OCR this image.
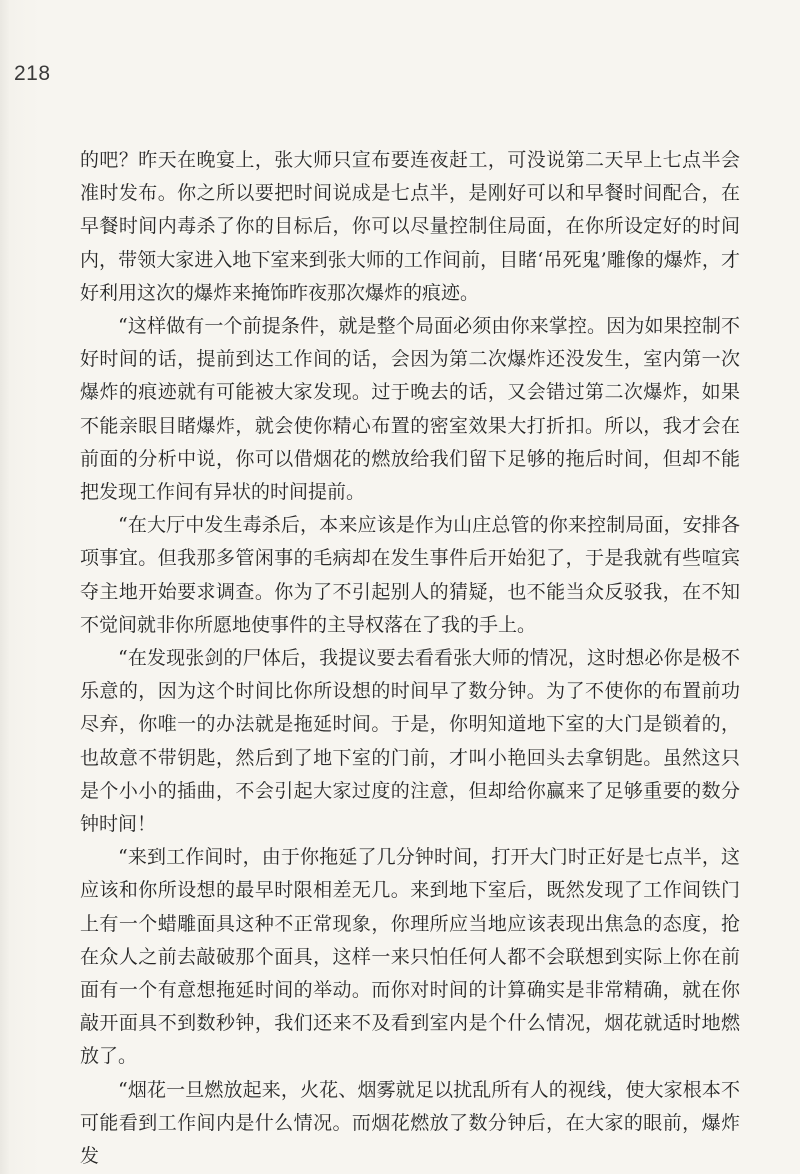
218

的吧？昨天在晚宴上，张大师只宣布要连夜赶工，可没说第二天早上七点半会准时发布。你之所以要把时间说成是七点半，是刚好可以和早餐时间配合，在早餐时间内毒杀了你的目标后，你可以尽量控制住局面，在你所设定好的时间内，带领大家进入地下室来到张大师的工作间前，目睹‘吊死鬼’雕像的爆炸，才好利用这次的爆炸来掩饰昨夜那次爆炸的痕迹。

“这样做有一个前提条件，就是整个局面必须由你来掌控。因为如果控制不好时间的话，提前到达工作间的话，会因为第二次爆炸还没发生，室内第一次爆炸的痕迹就有可能被大家发现。过于晚去的话，又会错过第二次爆炸，如果不能亲眼目睹爆炸，就会使你精心布置的密室效果大打折扣。所以，我才会在前面的分析中说，你可以借烟花的燃放给我们留下足够的拖后时间，但却不能把发现工作间有异状的时间提前。

“在大厅中发生毒杀后，本来应该是作为山庄总管的你来控制局面，安排各项事宜。但我那多管闲事的毛病却在发生事件后开始犯了，于是我就有些喧宾夺主地开始要求调查。你为了不引起别人的猜疑，也不能当众反驳我，在不知不觉间就非你所愿地使事件的主导权落在了我的手上。

“在发现张剑的尸体后，我提议要去看看张大师的情况，这时想必你是极不乐意的，因为这个时间比你所设想的时间早了数分钟。为了不使你的布置前功尽弃，你唯一的办法就是拖延时间。于是，你明知道地下室的大门是锁着的，也故意不带钥匙，然后到了地下室的门前，才叫小艳回头去拿钥匙。虽然这只是个小小的插曲，不会引起大家过度的注意，但却给你赢来了足够重要的数分钟时间！

“来到工作间时，由于你拖延了几分钟时间，打开大门时正好是七点半，这应该和你所设想的最早时限相差无几。来到地下室后，既然发现了工作间铁门上有一个蜡雕面具这种不正常现象，你理所应当地应该表现出焦急的态度，抢在众人之前去敲破那个面具，这样一来只怕任何人都不会联想到实际上你在前面有一个有意想拖延时间的举动。而你对时间的计算确实是非常精确，就在你敲开面具不到数秒钟，我们还来不及看到室内是个什么情况，烟花就适时地燃放了。

“烟花一旦燃放起来，火花、烟雾就足以扰乱所有人的视线，使大家根本不可能看到工作间内是什么情况。而烟花燃放了数分钟后，在大家的眼前，爆炸发
